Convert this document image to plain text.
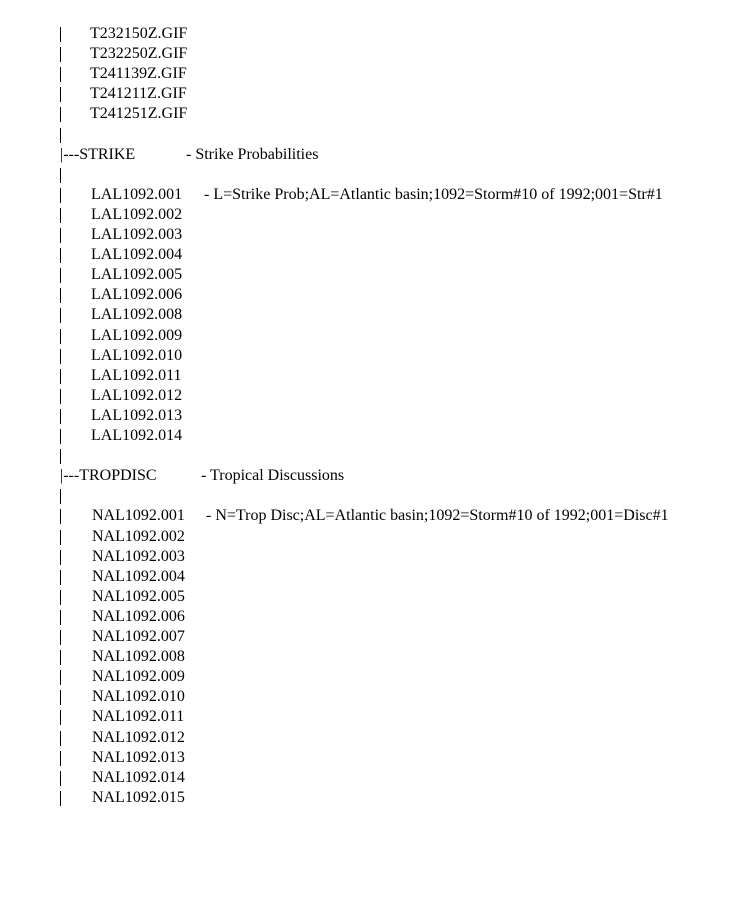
T232150Z.GIF
T232250Z.GIF
T241139Z.GIF
T241211Z.GIF
T241251Z.GIF
|---STRIKE	- Strike Probabilities
LAL1092.001 - L=Strike Prob;AL=Atlantic basin;1092=Storm#10 of 1992;001=Str#1
LAL1092.002
LAL1092.003
LAL1092.004
LAL1092.005
LAL1092.006
LAL1092.008
LAL1092.009
LAL1092.010
LAL1092.011
LAL1092.012
LAL1092.013
LAL1092.014
|---TROPDISC	- Tropical Discussions
NAL1092.001 - N=Trop Disc;AL=Atlantic basin;1092=Storm#10 of 1992;001=Disc#1
NAL1092.002
NAL1092.003
NAL1092.004
NAL1092.005
NAL1092.006
NAL1092.007
NAL1092.008
NAL1092.009
NAL1092.010
NAL1092.011
NAL1092.012
NAL1092.013
NAL1092.014
NAL1092.015
